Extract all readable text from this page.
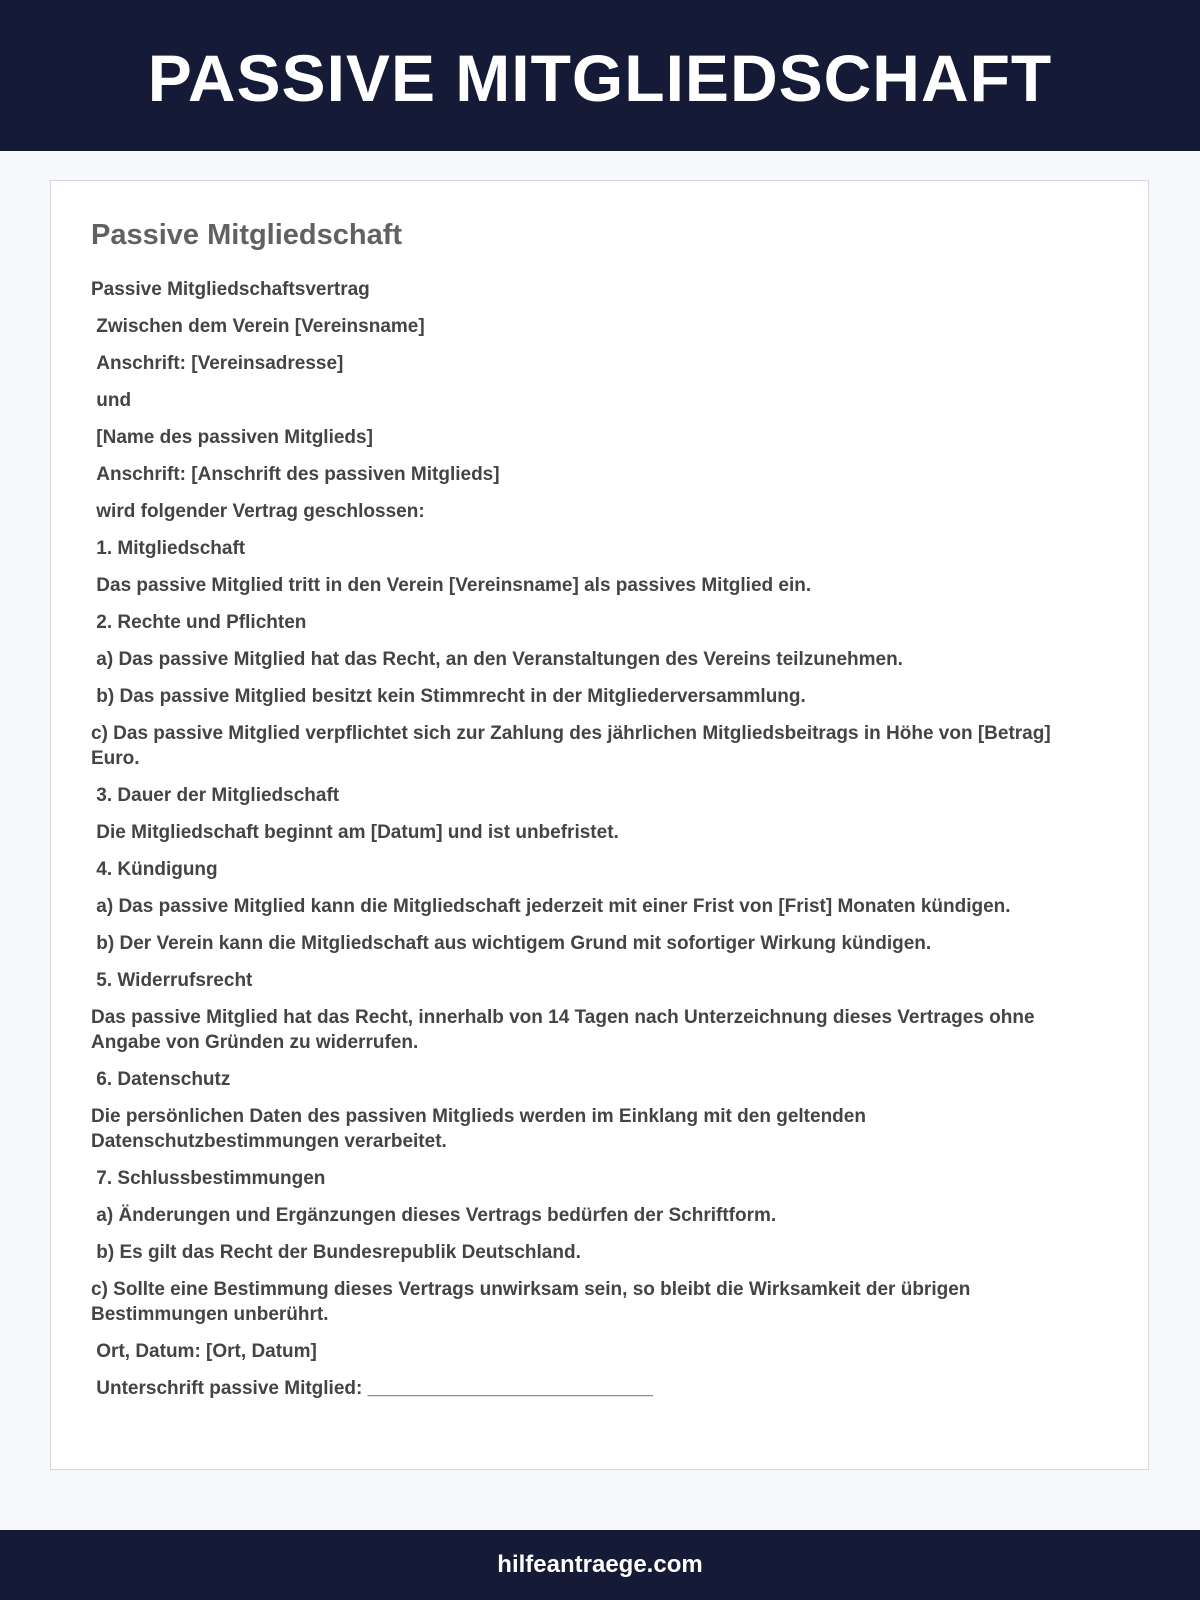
PASSIVE MITGLIEDSCHAFT
Passive Mitgliedschaft

Passive Mitgliedschaftsvertrag

Zwischen dem Verein [Vereinsname]

Anschrift: [Vereinsadresse]

und

[Name des passiven Mitglieds]

Anschrift: [Anschrift des passiven Mitglieds]

wird folgender Vertrag geschlossen:

1. Mitgliedschaft

Das passive Mitglied tritt in den Verein [Vereinsname] als passives Mitglied ein.

2. Rechte und Pflichten

a) Das passive Mitglied hat das Recht, an den Veranstaltungen des Vereins teilzunehmen.

b) Das passive Mitglied besitzt kein Stimmrecht in der Mitgliederversammlung.

c) Das passive Mitglied verpflichtet sich zur Zahlung des jährlichen Mitgliedsbeitrags in Höhe von [Betrag] Euro.

3. Dauer der Mitgliedschaft

Die Mitgliedschaft beginnt am [Datum] und ist unbefristet.

4. Kündigung

a) Das passive Mitglied kann die Mitgliedschaft jederzeit mit einer Frist von [Frist] Monaten kündigen.

b) Der Verein kann die Mitgliedschaft aus wichtigem Grund mit sofortiger Wirkung kündigen.

5. Widerrufsrecht

Das passive Mitglied hat das Recht, innerhalb von 14 Tagen nach Unterzeichnung dieses Vertrages ohne Angabe von Gründen zu widerrufen.

6. Datenschutz

Die persönlichen Daten des passiven Mitglieds werden im Einklang mit den geltenden Datenschutzbestimmungen verarbeitet.

7. Schlussbestimmungen

a) Änderungen und Ergänzungen dieses Vertrags bedürfen der Schriftform.

b) Es gilt das Recht der Bundesrepublik Deutschland.

c) Sollte eine Bestimmung dieses Vertrags unwirksam sein, so bleibt die Wirksamkeit der übrigen Bestimmungen unberührt.

Ort, Datum: [Ort, Datum]

Unterschrift passive Mitglied: ___________________________

hilfeantraege.com
